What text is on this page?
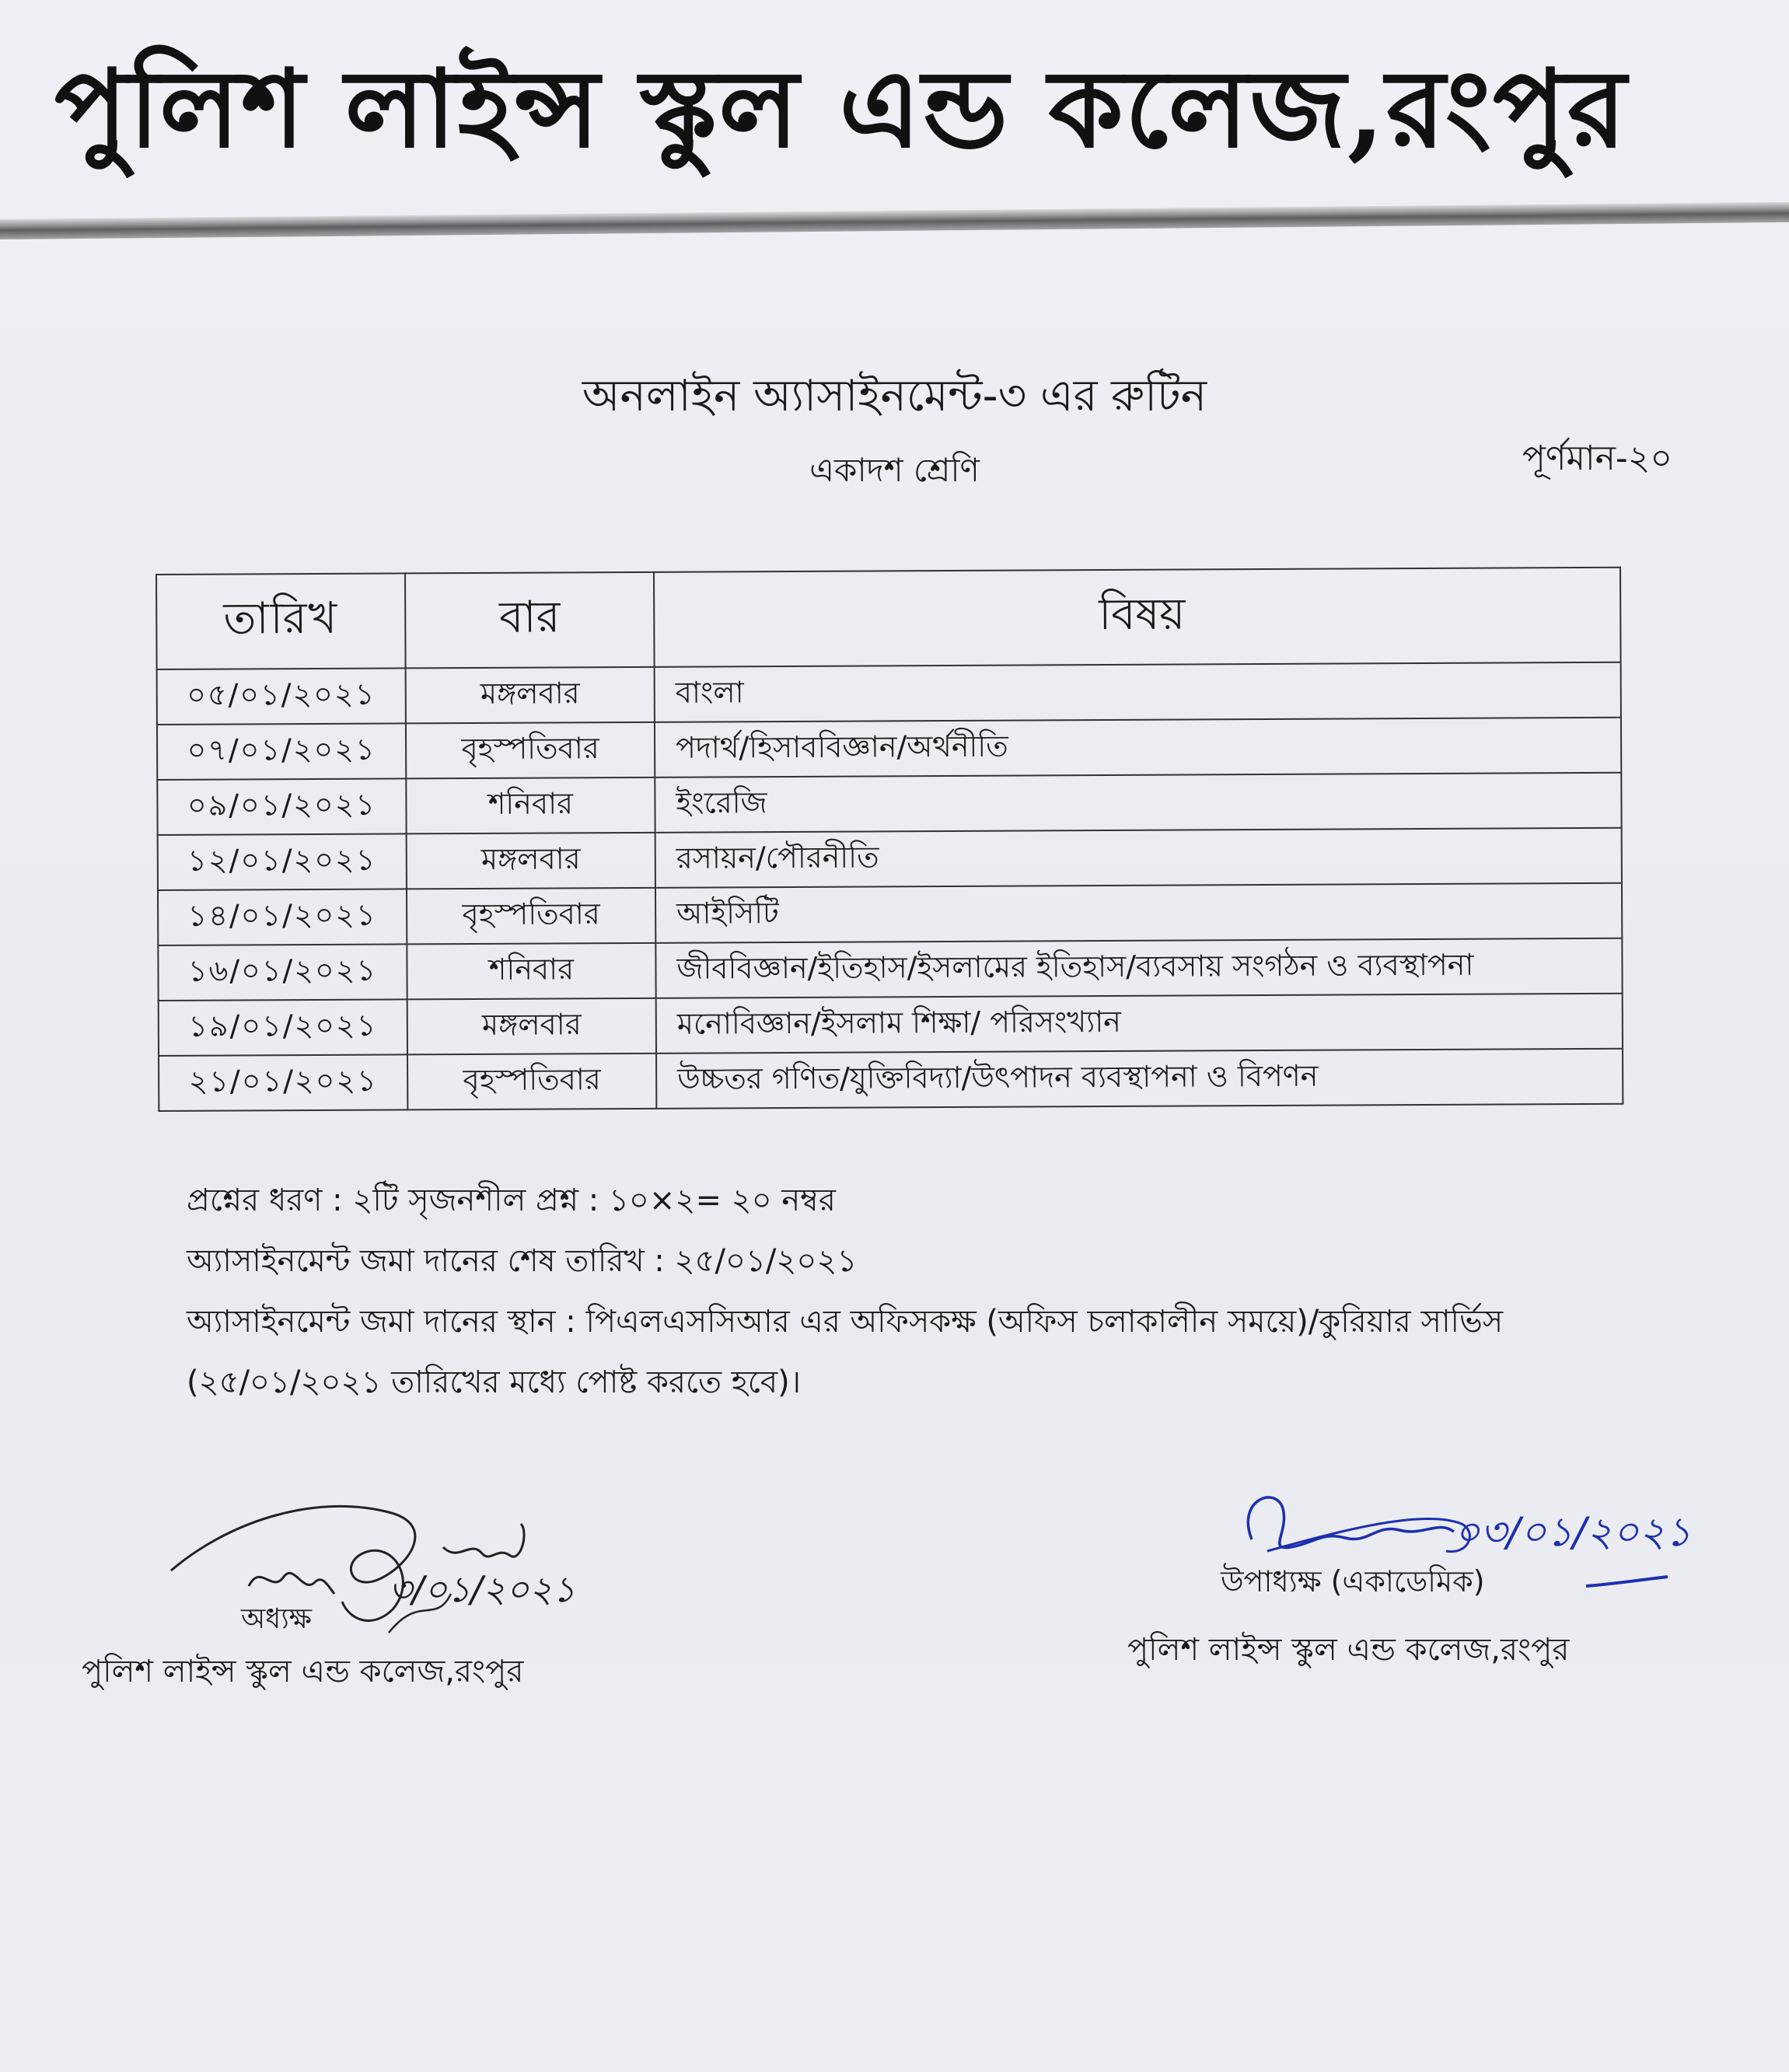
পুলিশ লাইন্স স্কুল এন্ড কলেজ,রংপুর
অনলাইন অ্যাসাইনমেন্ট-৩ এর রুটিন
একাদশ শ্রেণি	পূর্ণমান-২০
তারিখ	বার	বিষয়
০৫/০১/২০২১	মঙ্গলবার	বাংলা
০৭/০১/২০২১	বৃহস্পতিবার	পদার্থ/হিসাববিজ্ঞান/অর্থনীতি
০৯/০১/২০২১	শনিবার	ইংরেজি
১২/০১/২০২১	মঙ্গলবার	রসায়ন/পৌরনীতি
১৪/০১/২০২১	বৃহস্পতিবার	আইসিটি
১৬/০১/২০২১	শনিবার	জীববিজ্ঞান/ইতিহাস/ইসলামের ইতিহাস/ব্যবসায় সংগঠন ও ব্যবস্থাপনা
১৯/০১/২০২১	মঙ্গলবার	মনোবিজ্ঞান/ইসলাম শিক্ষা/ পরিসংখ্যান
২১/০১/২০২১	বৃহস্পতিবার	উচ্চতর গণিত/যুক্তিবিদ্যা/উৎপাদন ব্যবস্থাপনা ও বিপণন

প্রশ্নের ধরণ : ২টি সৃজনশীল প্রশ্ন : ১০×২= ২০ নম্বর

অ্যাসাইনমেন্ট জমা দানের শেষ তারিখ : ২৫/০১/২০২১

অ্যাসাইনমেন্ট জমা দানের স্থান : পিএলএসসিআর এর অফিসকক্ষ (অফিস চলাকালীন সময়ে)/কুরিয়ার সার্ভিস

(২৫/০১/২০২১ তারিখের মধ্যে পোষ্ট করতে হবে)।

৩/০১/২০২১
অধ্যক্ষ
পুলিশ লাইন্স স্কুল এন্ড কলেজ,রংপুর
০৩/০১/২০২১
উপাধ্যক্ষ (একাডেমিক)
পুলিশ লাইন্স স্কুল এন্ড কলেজ,রংপুর
